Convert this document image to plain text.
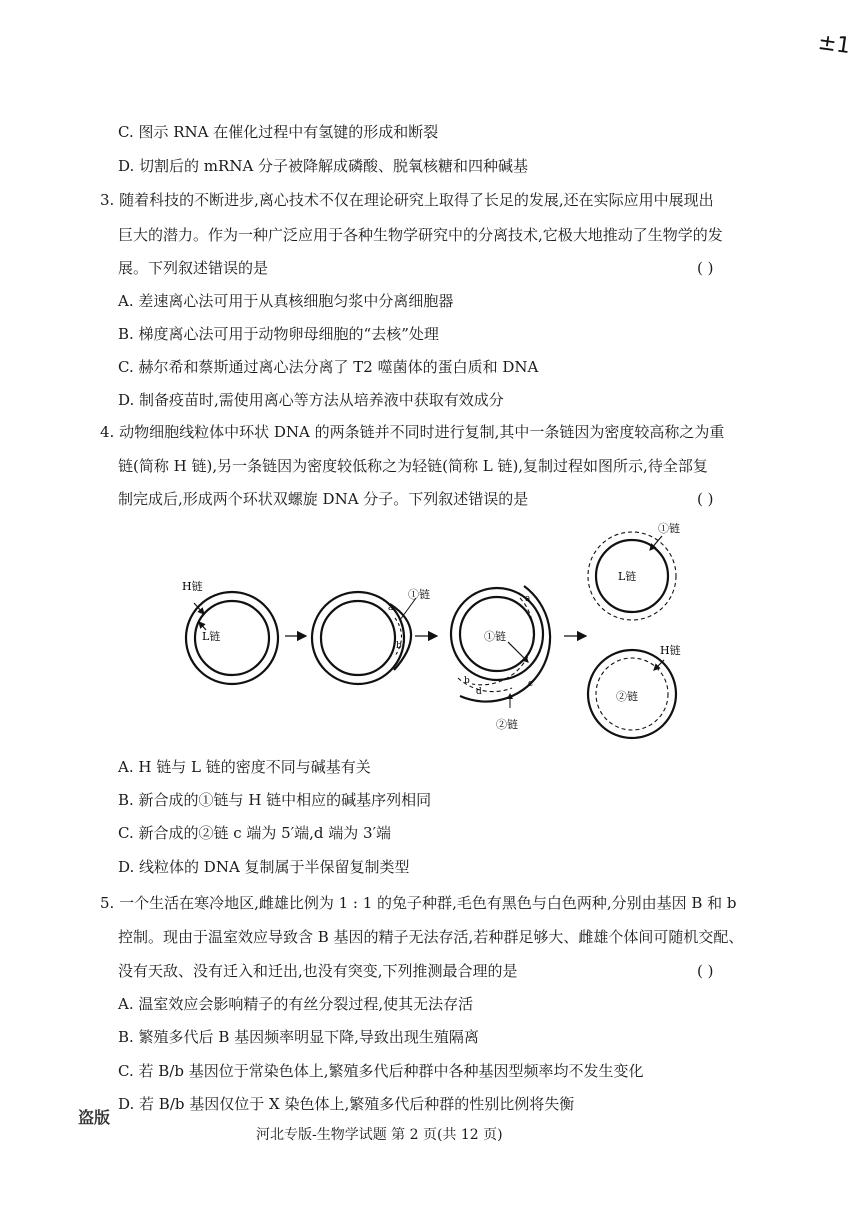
±1
C. 图示 RNA 在催化过程中有氢键的形成和断裂
D. 切割后的 mRNA 分子被降解成磷酸、脱氧核糖和四种碱基
3. 随着科技的不断进步,离心技术不仅在理论研究上取得了长足的发展,还在实际应用中展现出
巨大的潜力。作为一种广泛应用于各种生物学研究中的分离技术,它极大地推动了生物学的发
展。下列叙述错误的是	( )
A. 差速离心法可用于从真核细胞匀浆中分离细胞器
B. 梯度离心法可用于动物卵母细胞的“去核”处理
C. 赫尔希和蔡斯通过离心法分离了 T2 噬菌体的蛋白质和 DNA
D. 制备疫苗时,需使用离心等方法从培养液中获取有效成分
4. 动物细胞线粒体中环状 DNA 的两条链并不同时进行复制,其中一条链因为密度较高称之为重
链(简称 H 链),另一条链因为密度较低称之为轻链(简称 L 链),复制过程如图所示,待全部复
制完成后,形成两个环状双螺旋 DNA 分子。下列叙述错误的是	( )
H链
L链
①链
a
b
①链
a
b	c
d
②链
①链
L链
H链
②链
A. H 链与 L 链的密度不同与碱基有关
B. 新合成的①链与 H 链中相应的碱基序列相同
C. 新合成的②链 c 端为 5′端,d 端为 3′端
D. 线粒体的 DNA 复制属于半保留复制类型
5. 一个生活在寒冷地区,雌雄比例为 1 : 1 的兔子种群,毛色有黑色与白色两种,分别由基因 B 和 b
控制。现由于温室效应导致含 B 基因的精子无法存活,若种群足够大、雌雄个体间可随机交配、
没有天敌、没有迁入和迁出,也没有突变,下列推测最合理的是	( )
A. 温室效应会影响精子的有丝分裂过程,使其无法存活
B. 繁殖多代后 B 基因频率明显下降,导致出现生殖隔离
C. 若 B/b 基因位于常染色体上,繁殖多代后种群中各种基因型频率均不发生变化
D. 若 B/b 基因仅位于 X 染色体上,繁殖多代后种群的性别比例将失衡
盗版
河北专版-生物学试题 第 2 页(共 12 页)
